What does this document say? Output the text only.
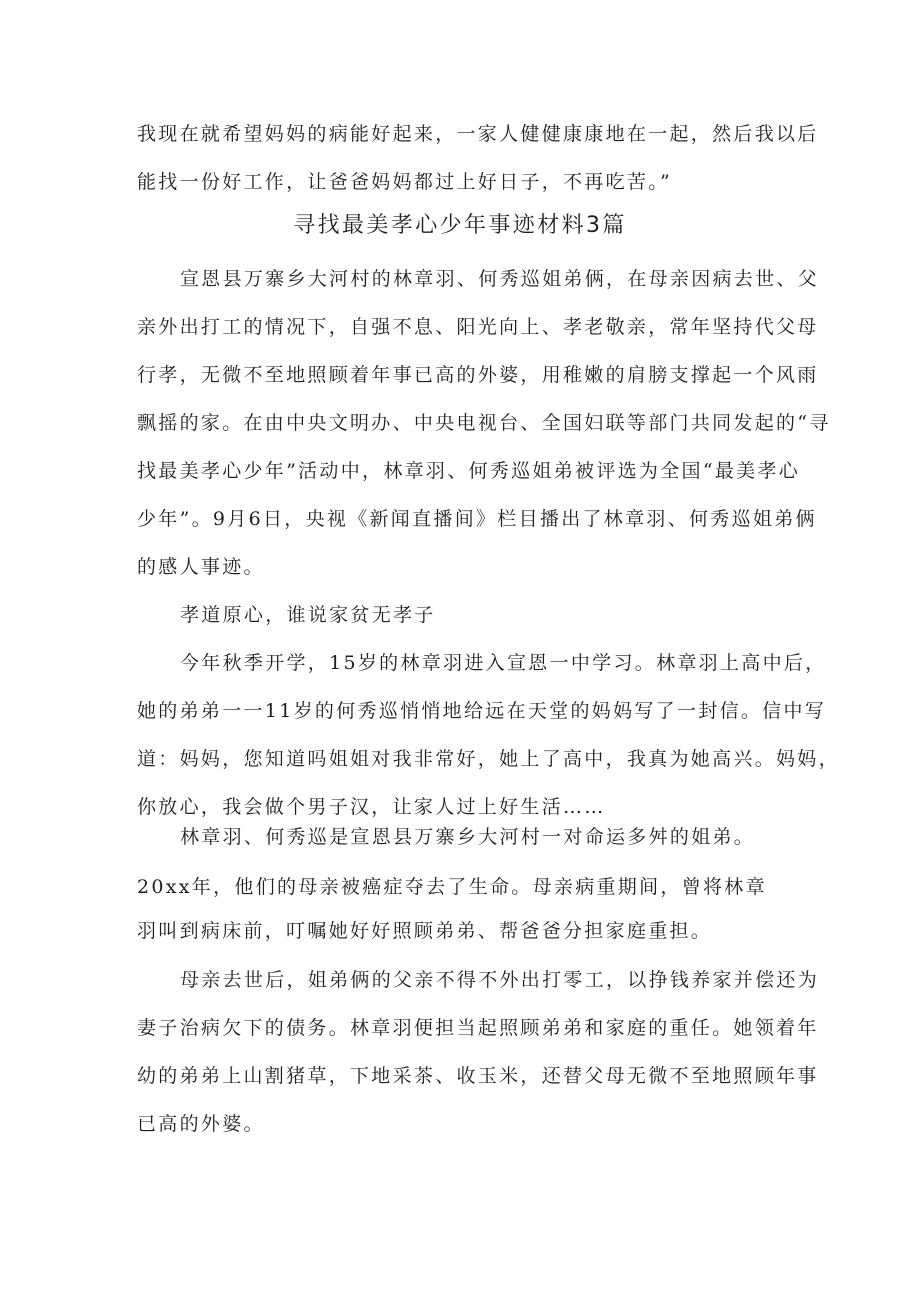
我现在就希望妈妈的病能好起来，一家人健健康康地在一起，然后我以后
能找一份好工作，让爸爸妈妈都过上好日子，不再吃苦。”
寻找最美孝心少年事迹材料3篇
宣恩县万寨乡大河村的林章羽、何秀巡姐弟俩，在母亲因病去世、父
亲外出打工的情况下，自强不息、阳光向上、孝老敬亲，常年坚持代父母
行孝，无微不至地照顾着年事已高的外婆，用稚嫩的肩膀支撑起一个风雨
飘摇的家。在由中央文明办、中央电视台、全国妇联等部门共同发起的“寻
找最美孝心少年”活动中，林章羽、何秀巡姐弟被评选为全国“最美孝心
少年”。9月6日，央视《新闻直播间》栏目播出了林章羽、何秀巡姐弟俩
的感人事迹。
孝道原心，谁说家贫无孝子
今年秋季开学，15岁的林章羽进入宣恩一中学习。林章羽上高中后，
她的弟弟一一11岁的何秀巡悄悄地给远在天堂的妈妈写了一封信。信中写
道：妈妈，您知道吗姐姐对我非常好，她上了高中，我真为她高兴。妈妈，
你放心，我会做个男子汉，让家人过上好生活……
林章羽、何秀巡是宣恩县万寨乡大河村一对命运多舛的姐弟。
20xx年，他们的母亲被癌症夺去了生命。母亲病重期间，曾将林章
羽叫到病床前，叮嘱她好好照顾弟弟、帮爸爸分担家庭重担。
母亲去世后，姐弟俩的父亲不得不外出打零工，以挣钱养家并偿还为
妻子治病欠下的债务。林章羽便担当起照顾弟弟和家庭的重任。她领着年
幼的弟弟上山割猪草，下地采茶、收玉米，还替父母无微不至地照顾年事
已高的外婆。
